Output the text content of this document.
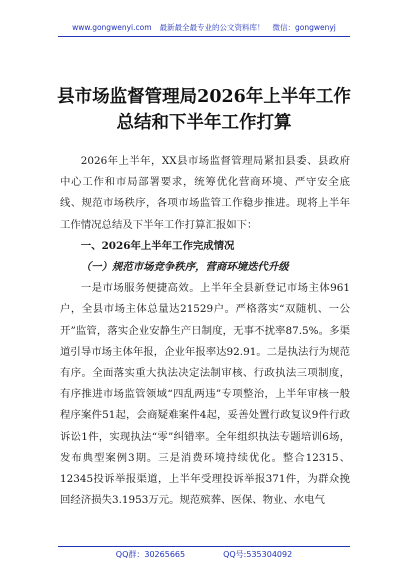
www.gongwenyi.com 最新最全最专业的公文资料库！ 微信：gongwenyj
县市场监督管理局2026年上半年工作总结和下半年工作打算

2026年上半年，XX县市场监督管理局紧扣县委、县政府中心工作和市局部署要求，统筹优化营商环境、严守安全底线、规范市场秩序，各项市场监管工作稳步推进。现将上半年工作情况总结及下半年工作打算汇报如下：

一、2026年上半年工作完成情况

（一）规范市场竞争秩序，营商环境迭代升级

一是市场服务便捷高效。上半年全县新登记市场主体961户，全县市场主体总量达21529户。严格落实“双随机、一公开”监管，落实企业安静生产日制度，无事不扰率87.5%。多渠道引导市场主体年报，企业年报率达92.91。二是执法行为规范有序。全面落实重大执法决定法制审核、行政执法三项制度，有序推进市场监管领域“四乱两违”专项整治，上半年审核一般程序案件51起，会商疑难案件4起，妥善处置行政复议9件行政诉讼1件，实现执法“零”纠错率。全年组织执法专题培训6场，发布典型案例3期。三是消费环境持续优化。整合12315、12345投诉举报渠道，上半年受理投诉举报371件，为群众挽回经济损失3.1953万元。规范殡葬、医保、物业、水电气

QQ群：30265665	QQ号:535304092
